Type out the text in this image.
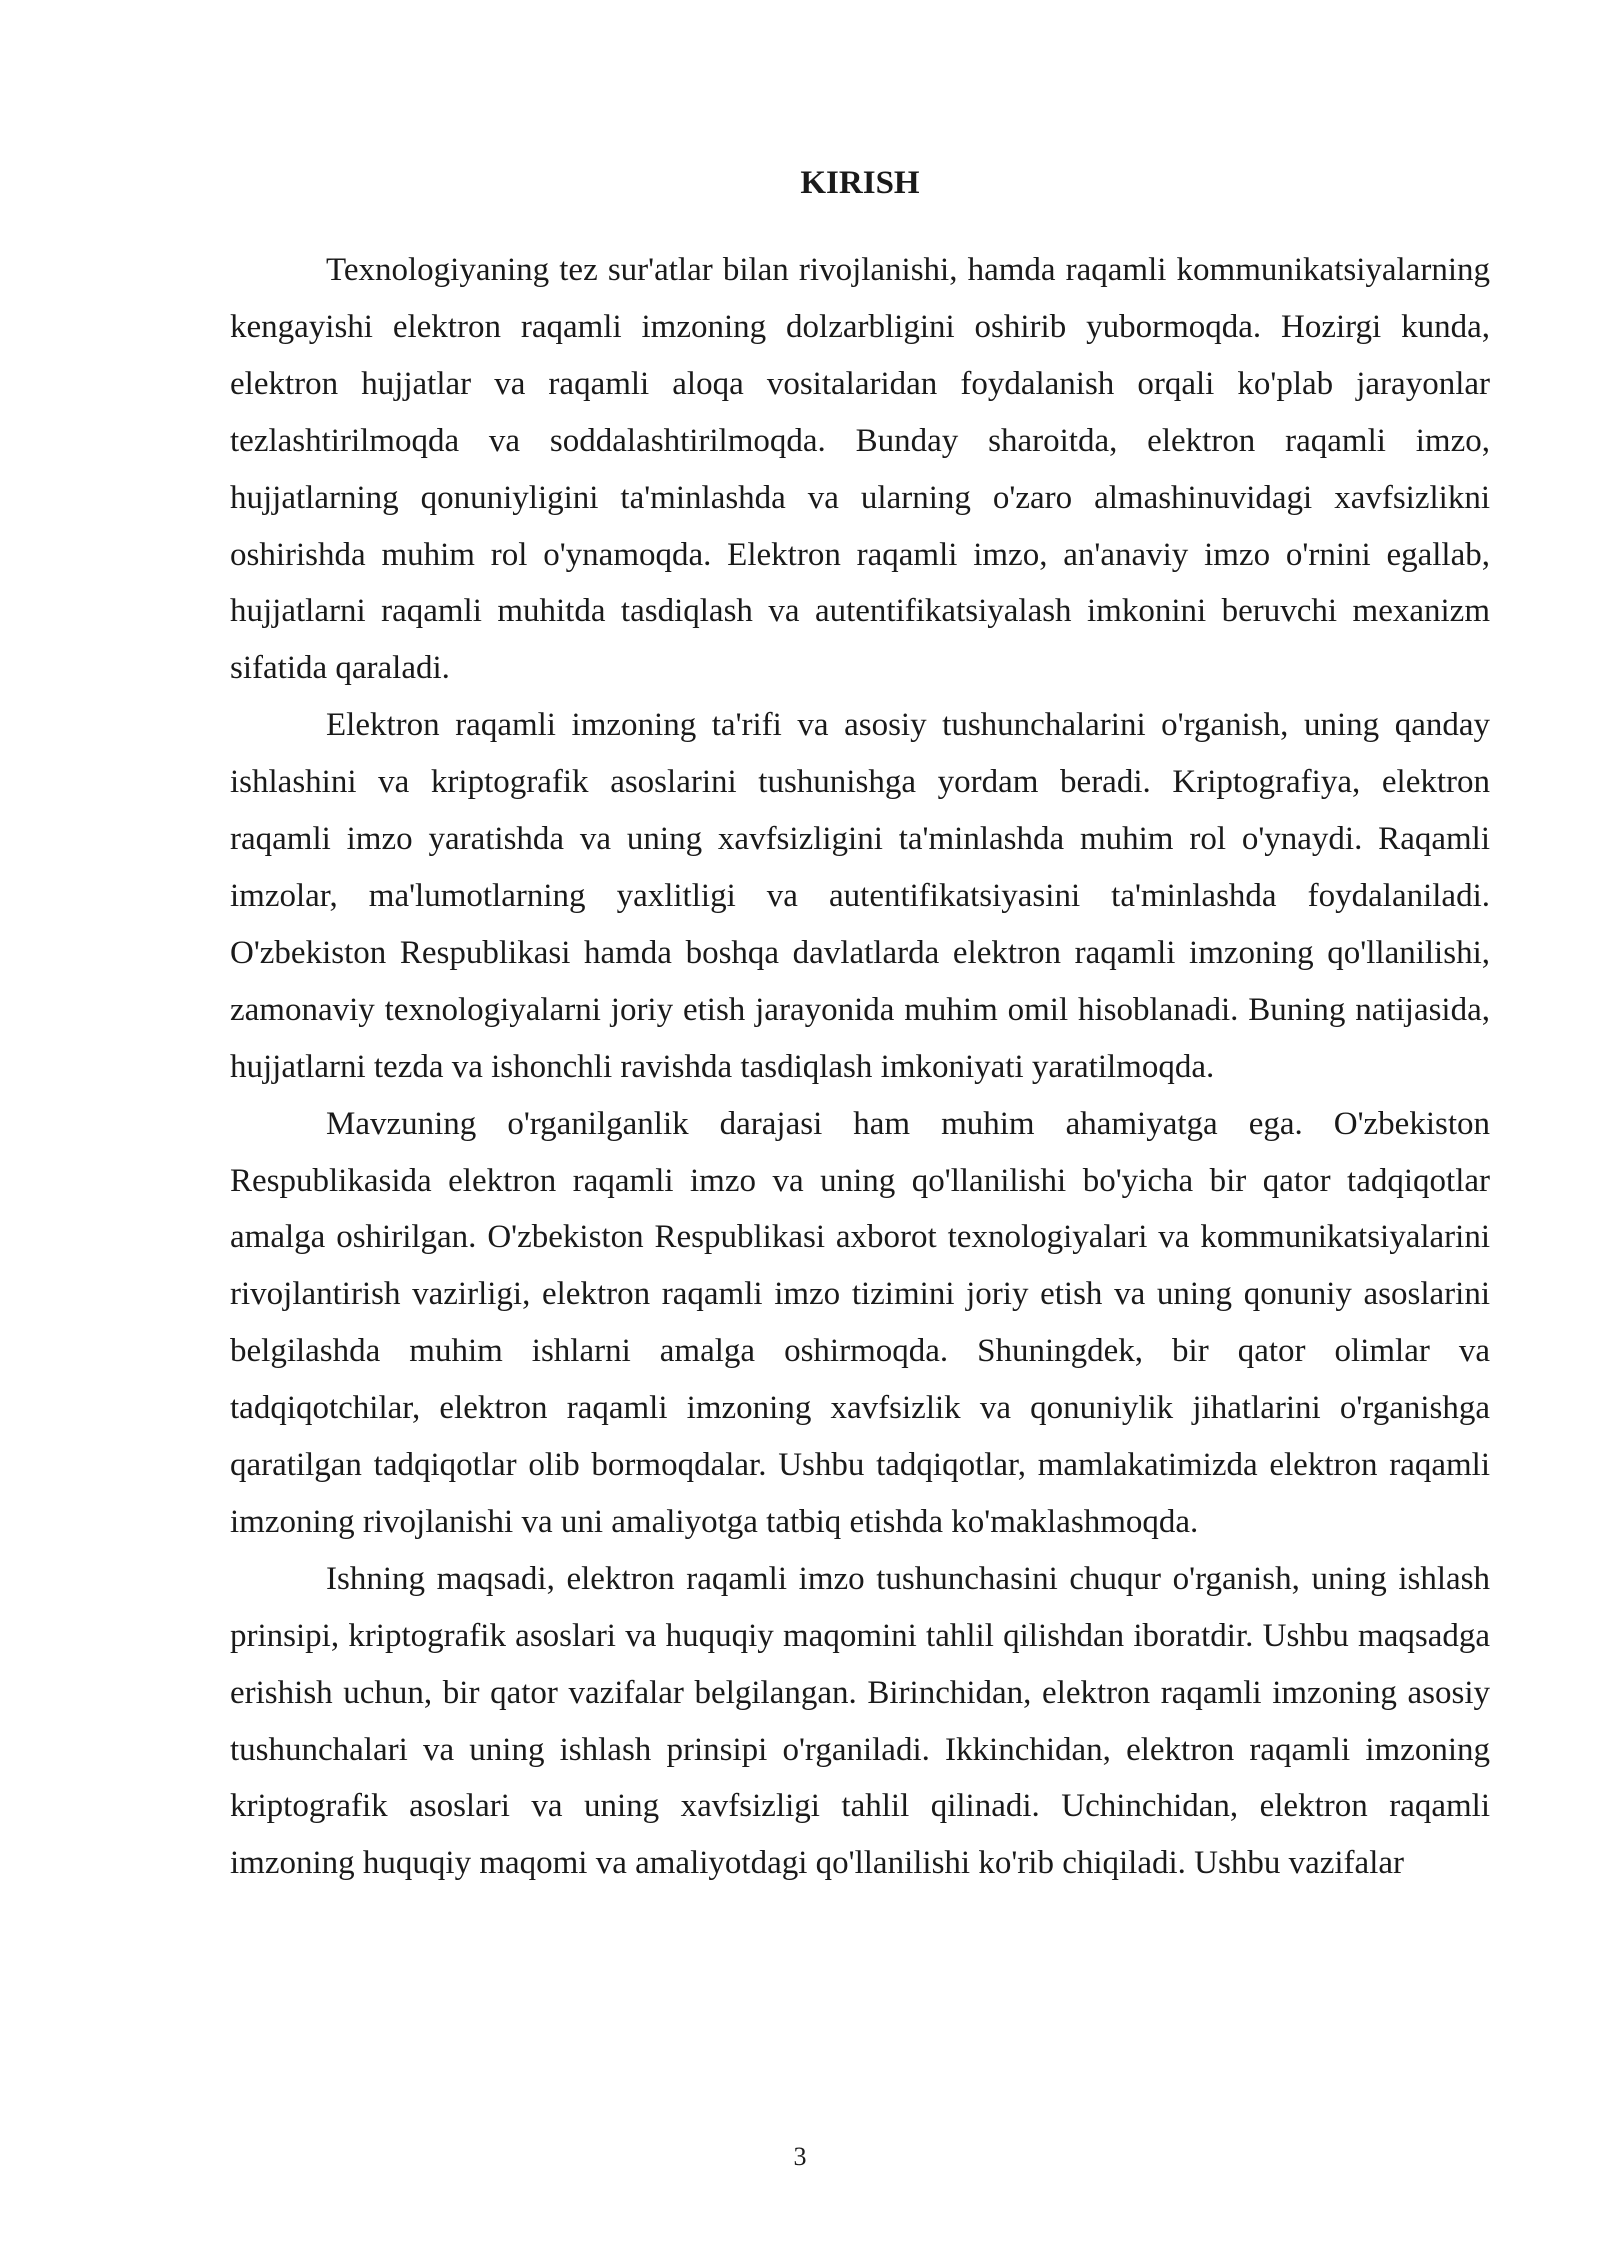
KIRISH

Texnologiyaning tez sur'atlar bilan rivojlanishi, hamda raqamli kommunikatsiyalarning kengayishi elektron raqamli imzoning dolzarbligini oshirib yubormoqda. Hozirgi kunda, elektron hujjatlar va raqamli aloqa vositalaridan foydalanish orqali ko'plab jarayonlar tezlashtirilmoqda va soddalashtirilmoqda. Bunday sharoitda, elektron raqamli imzo, hujjatlarning qonuniyligini ta'minlashda va ularning o'zaro almashinuvidagi xavfsizlikni oshirishda muhim rol o'ynamoqda. Elektron raqamli imzo, an'anaviy imzo o'rnini egallab, hujjatlarni raqamli muhitda tasdiqlash va autentifikatsiyalash imkonini beruvchi mexanizm sifatida qaraladi.

Elektron raqamli imzoning ta'rifi va asosiy tushunchalarini o'rganish, uning qanday ishlashini va kriptografik asoslarini tushunishga yordam beradi. Kriptografiya, elektron raqamli imzo yaratishda va uning xavfsizligini ta'minlashda muhim rol o'ynaydi. Raqamli imzolar, ma'lumotlarning yaxlitligi va autentifikatsiyasini ta'minlashda foydalaniladi. O'zbekiston Respublikasi hamda boshqa davlatlarda elektron raqamli imzoning qo'llanilishi, zamonaviy texnologiyalarni joriy etish jarayonida muhim omil hisoblanadi. Buning natijasida, hujjatlarni tezda va ishonchli ravishda tasdiqlash imkoniyati yaratilmoqda.

Mavzuning o'rganilganlik darajasi ham muhim ahamiyatga ega. O'zbekiston Respublikasida elektron raqamli imzo va uning qo'llanilishi bo'yicha bir qator tadqiqotlar amalga oshirilgan. O'zbekiston Respublikasi axborot texnologiyalari va kommunikatsiyalarini rivojlantirish vazirligi, elektron raqamli imzo tizimini joriy etish va uning qonuniy asoslarini belgilashda muhim ishlarni amalga oshirmoqda. Shuningdek, bir qator olimlar va tadqiqotchilar, elektron raqamli imzoning xavfsizlik va qonuniylik jihatlarini o'rganishga qaratilgan tadqiqotlar olib bormoqdalar. Ushbu tadqiqotlar, mamlakatimizda elektron raqamli imzoning rivojlanishi va uni amaliyotga tatbiq etishda ko'maklashmoqda.

Ishning maqsadi, elektron raqamli imzo tushunchasini chuqur o'rganish, uning ishlash prinsipi, kriptografik asoslari va huquqiy maqomini tahlil qilishdan iboratdir. Ushbu maqsadga erishish uchun, bir qator vazifalar belgilangan. Birinchidan, elektron raqamli imzoning asosiy tushunchalari va uning ishlash prinsipi o'rganiladi. Ikkinchidan, elektron raqamli imzoning kriptografik asoslari va uning xavfsizligi tahlil qilinadi. Uchinchidan, elektron raqamli imzoning huquqiy maqomi va amaliyotdagi qo'llanilishi ko'rib chiqiladi. Ushbu vazifalar

3
